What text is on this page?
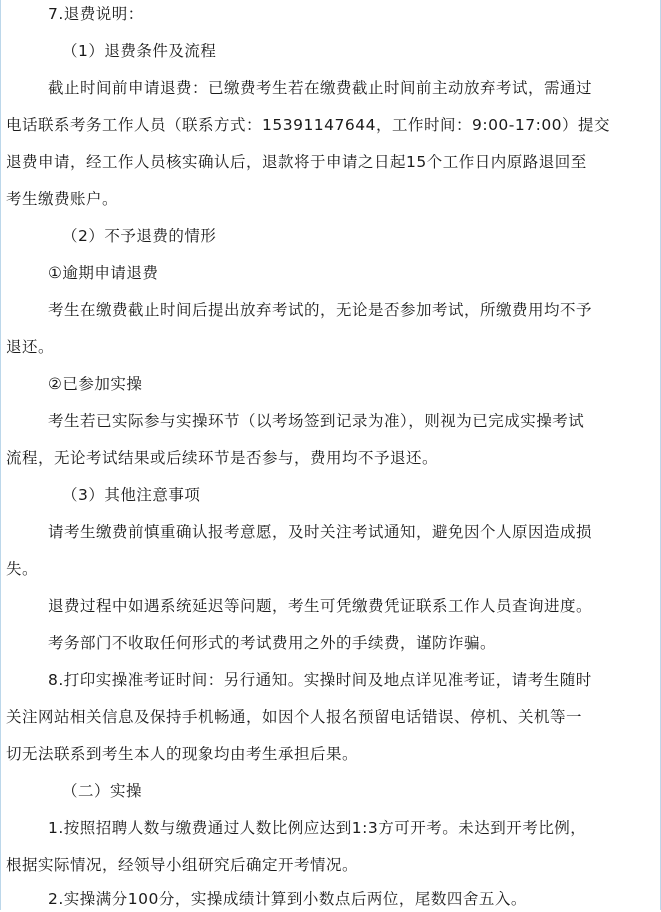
7.退费说明：
（1）退费条件及流程
截止时间前申请退费：已缴费考生若在缴费截止时间前主动放弃考试，需通过
电话联系考务工作人员（联系方式：15391147644，工作时间：9:00-17:00）提交
退费申请，经工作人员核实确认后，退款将于申请之日起15个工作日内原路退回至
考生缴费账户。
（2）不予退费的情形
①逾期申请退费
考生在缴费截止时间后提出放弃考试的，无论是否参加考试，所缴费用均不予
退还。
②已参加实操
考生若已实际参与实操环节（以考场签到记录为准），则视为已完成实操考试
流程，无论考试结果或后续环节是否参与，费用均不予退还。
（3）其他注意事项
请考生缴费前慎重确认报考意愿，及时关注考试通知，避免因个人原因造成损
失。
退费过程中如遇系统延迟等问题，考生可凭缴费凭证联系工作人员查询进度。
考务部门不收取任何形式的考试费用之外的手续费，谨防诈骗。
8.打印实操准考证时间：另行通知。实操时间及地点详见准考证，请考生随时
关注网站相关信息及保持手机畅通，如因个人报名预留电话错误、停机、关机等一
切无法联系到考生本人的现象均由考生承担后果。
（二）实操
1.按照招聘人数与缴费通过人数比例应达到1:3方可开考。未达到开考比例，
根据实际情况，经领导小组研究后确定开考情况。
2.实操满分100分，实操成绩计算到小数点后两位，尾数四舍五入。
